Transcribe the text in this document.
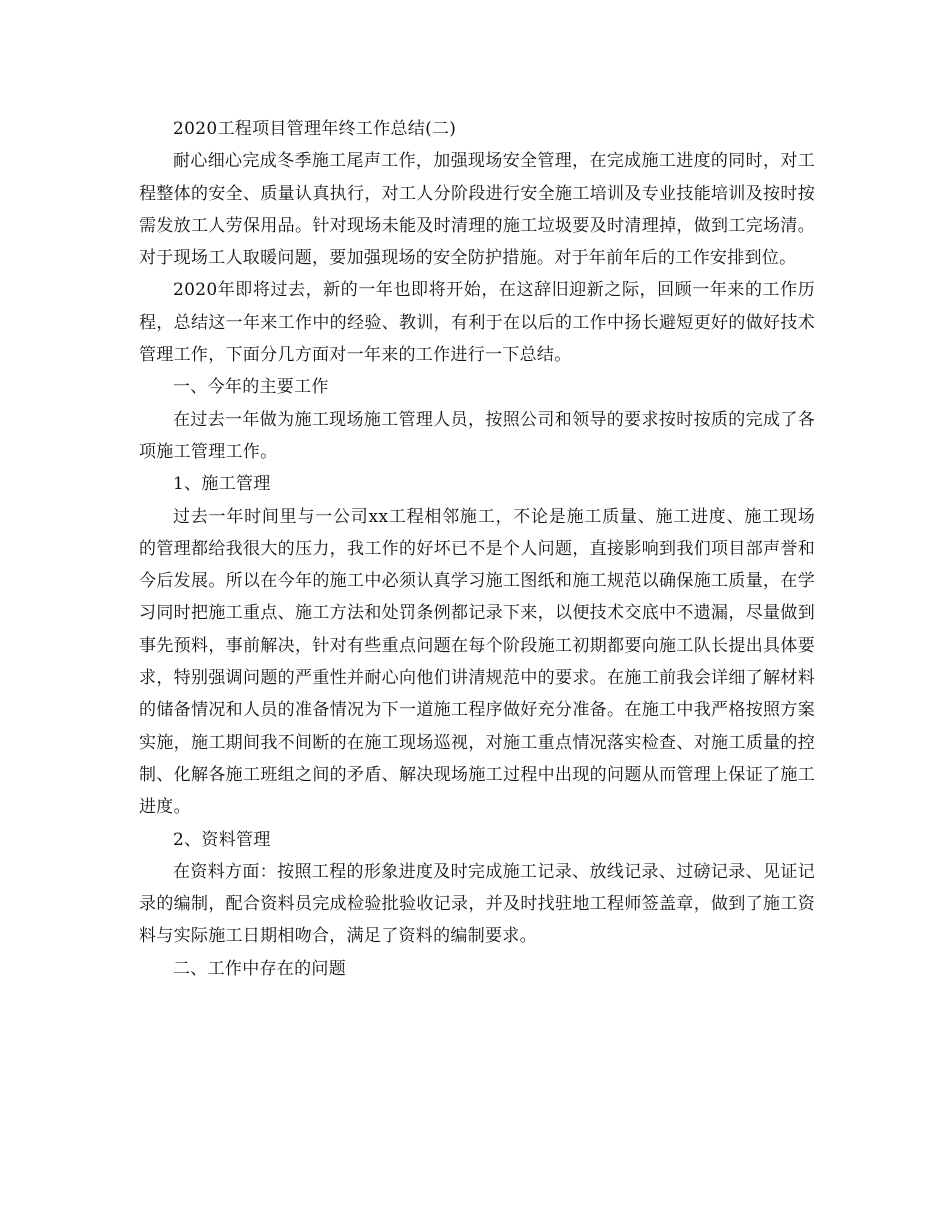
2020工程项目管理年终工作总结(二)

耐心细心完成冬季施工尾声工作，加强现场安全管理，在完成施工进度的同时，对工程整体的安全、质量认真执行，对工人分阶段进行安全施工培训及专业技能培训及按时按需发放工人劳保用品。针对现场未能及时清理的施工垃圾要及时清理掉，做到工完场清。对于现场工人取暖问题，要加强现场的安全防护措施。对于年前年后的工作安排到位。

2020年即将过去，新的一年也即将开始，在这辞旧迎新之际，回顾一年来的工作历程，总结这一年来工作中的经验、教训，有利于在以后的工作中扬长避短更好的做好技术管理工作，下面分几方面对一年来的工作进行一下总结。

一、今年的主要工作

在过去一年做为施工现场施工管理人员，按照公司和领导的要求按时按质的完成了各项施工管理工作。

1、施工管理

过去一年时间里与一公司xx工程相邻施工，不论是施工质量、施工进度、施工现场的管理都给我很大的压力，我工作的好坏已不是个人问题，直接影响到我们项目部声誉和今后发展。所以在今年的施工中必须认真学习施工图纸和施工规范以确保施工质量，在学习同时把施工重点、施工方法和处罚条例都记录下来，以便技术交底中不遗漏，尽量做到事先预料，事前解决，针对有些重点问题在每个阶段施工初期都要向施工队长提出具体要求，特别强调问题的严重性并耐心向他们讲清规范中的要求。在施工前我会详细了解材料的储备情况和人员的准备情况为下一道施工程序做好充分准备。在施工中我严格按照方案实施，施工期间我不间断的在施工现场巡视，对施工重点情况落实检查、对施工质量的控制、化解各施工班组之间的矛盾、解决现场施工过程中出现的问题从而管理上保证了施工进度。

2、资料管理

在资料方面：按照工程的形象进度及时完成施工记录、放线记录、过磅记录、见证记录的编制，配合资料员完成检验批验收记录，并及时找驻地工程师签盖章，做到了施工资料与实际施工日期相吻合，满足了资料的编制要求。

二、工作中存在的问题
